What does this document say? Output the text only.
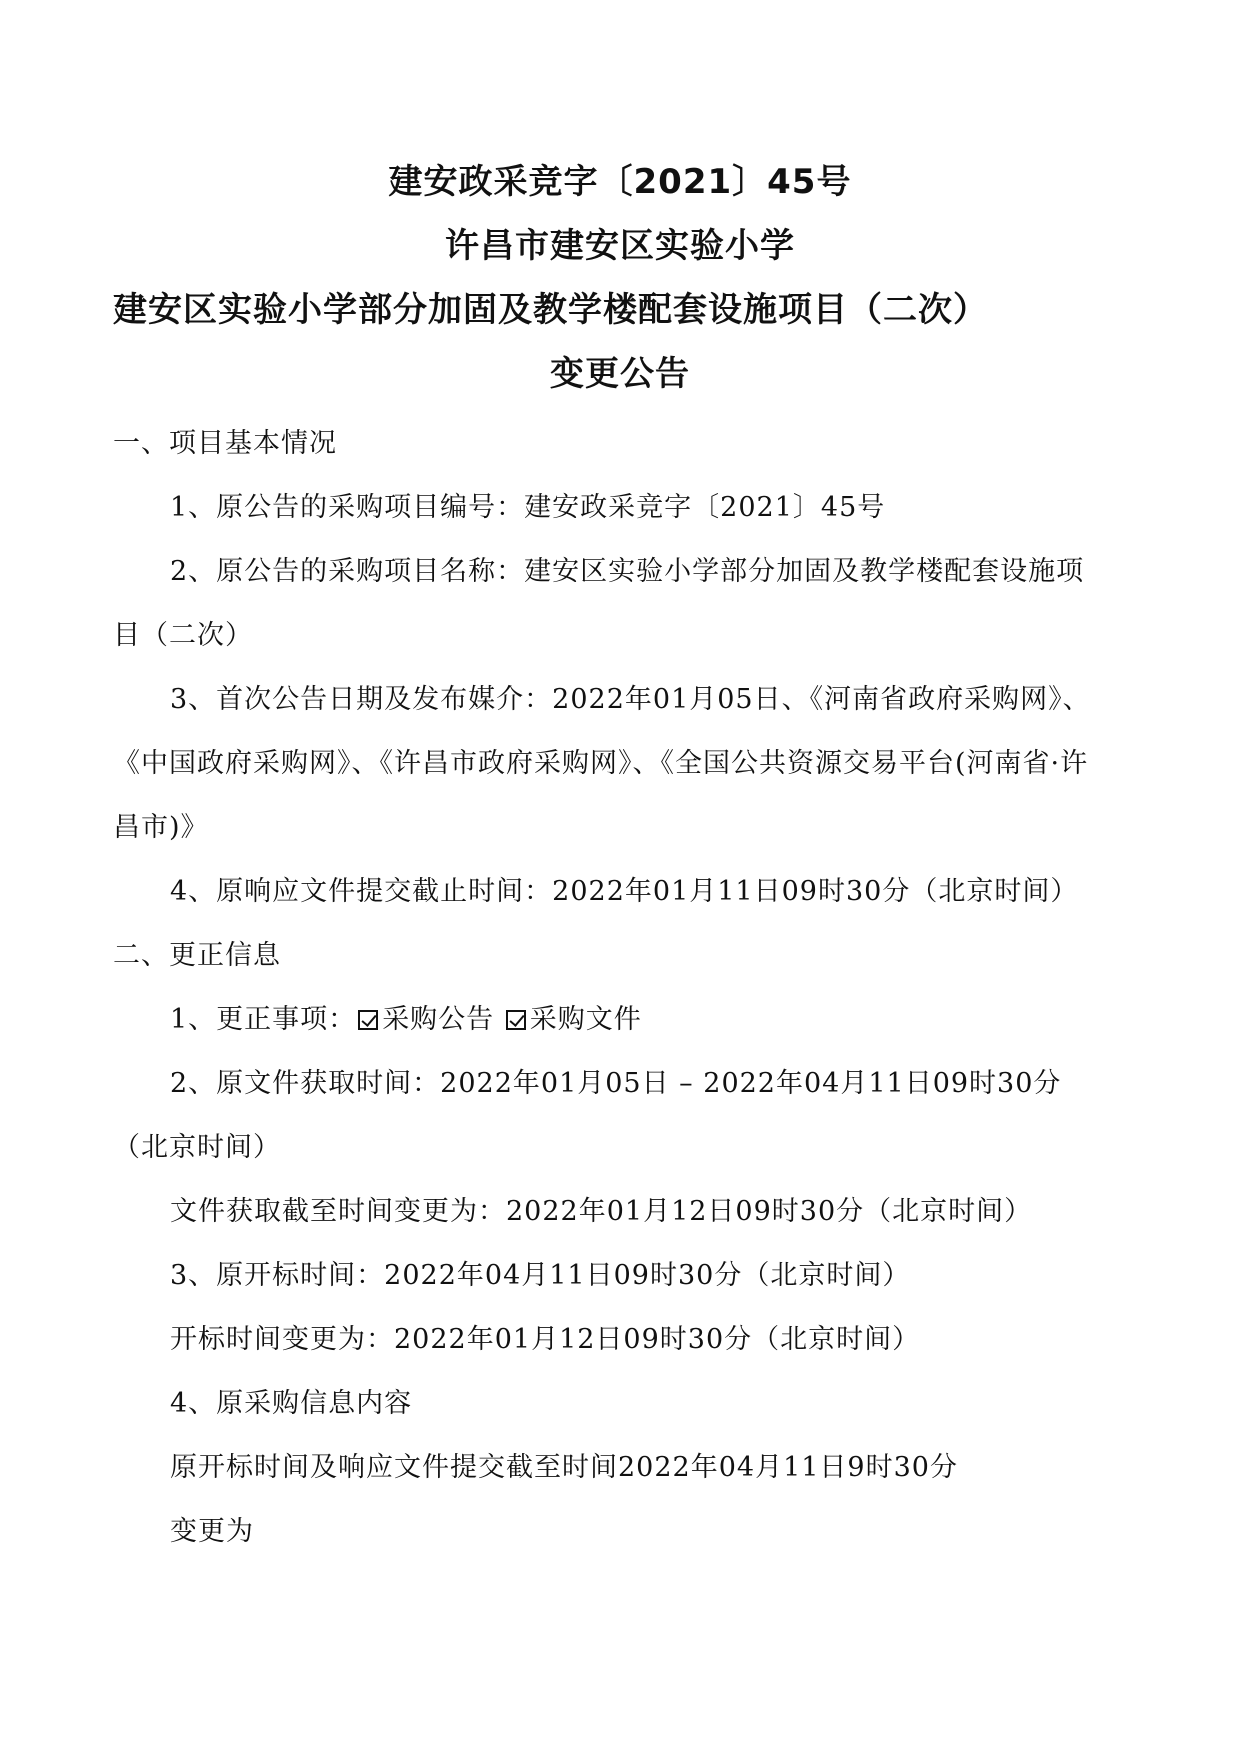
建安政采竞字〔2021〕45号
许昌市建安区实验小学
建安区实验小学部分加固及教学楼配套设施项目（二次）
变更公告
一、项目基本情况
1、原公告的采购项目编号：建安政采竞字〔2021〕45号
2、原公告的采购项目名称：建安区实验小学部分加固及教学楼配套设施项
目（二次）
3、首次公告日期及发布媒介：2022年01月05日、《河南省政府采购网》、
《中国政府采购网》、《许昌市政府采购网》、《全国公共资源交易平台(河南省·许
昌市)》
4、原响应文件提交截止时间：2022年01月11日09时30分（北京时间）
二、更正信息
1、更正事项： 采购公告 采购文件
2、原文件获取时间：2022年01月05日 – 2022年04月11日09时30分
（北京时间）
文件获取截至时间变更为：2022年01月12日09时30分（北京时间）
3、原开标时间：2022年04月11日09时30分（北京时间）
开标时间变更为：2022年01月12日09时30分（北京时间）
4、原采购信息内容
原开标时间及响应文件提交截至时间2022年04月11日9时30分
变更为
